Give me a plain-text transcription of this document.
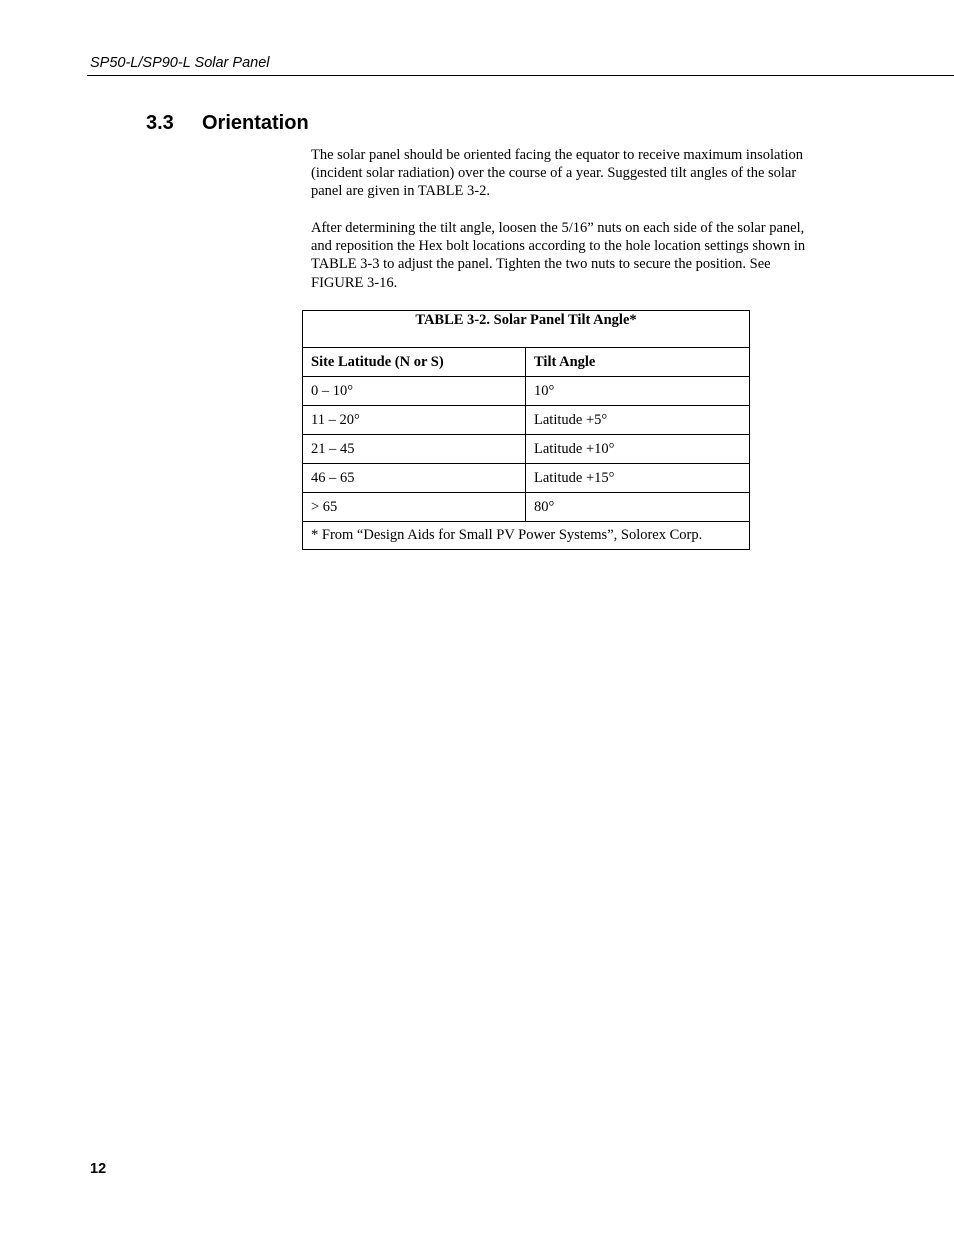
SP50-L/SP90-L Solar Panel
3.3	Orientation

The solar panel should be oriented facing the equator to receive maximum insolation (incident solar radiation) over the course of a year. Suggested tilt angles of the solar panel are given in TABLE 3-2.

After determining the tilt angle, loosen the 5/16” nuts on each side of the solar panel, and reposition the Hex bolt locations according to the hole location settings shown in TABLE 3-3 to adjust the panel. Tighten the two nuts to secure the position. See FIGURE 3-16.

TABLE 3-2. Solar Panel Tilt Angle*	
Site Latitude (N or S)	Tilt Angle
0 – 10°	10°
11 – 20°	Latitude +5°
21 – 45	Latitude +10°
46 – 65	Latitude +15°
> 65	80°
* From “Design Aids for Small PV Power Systems”, Solorex Corp.	
12
